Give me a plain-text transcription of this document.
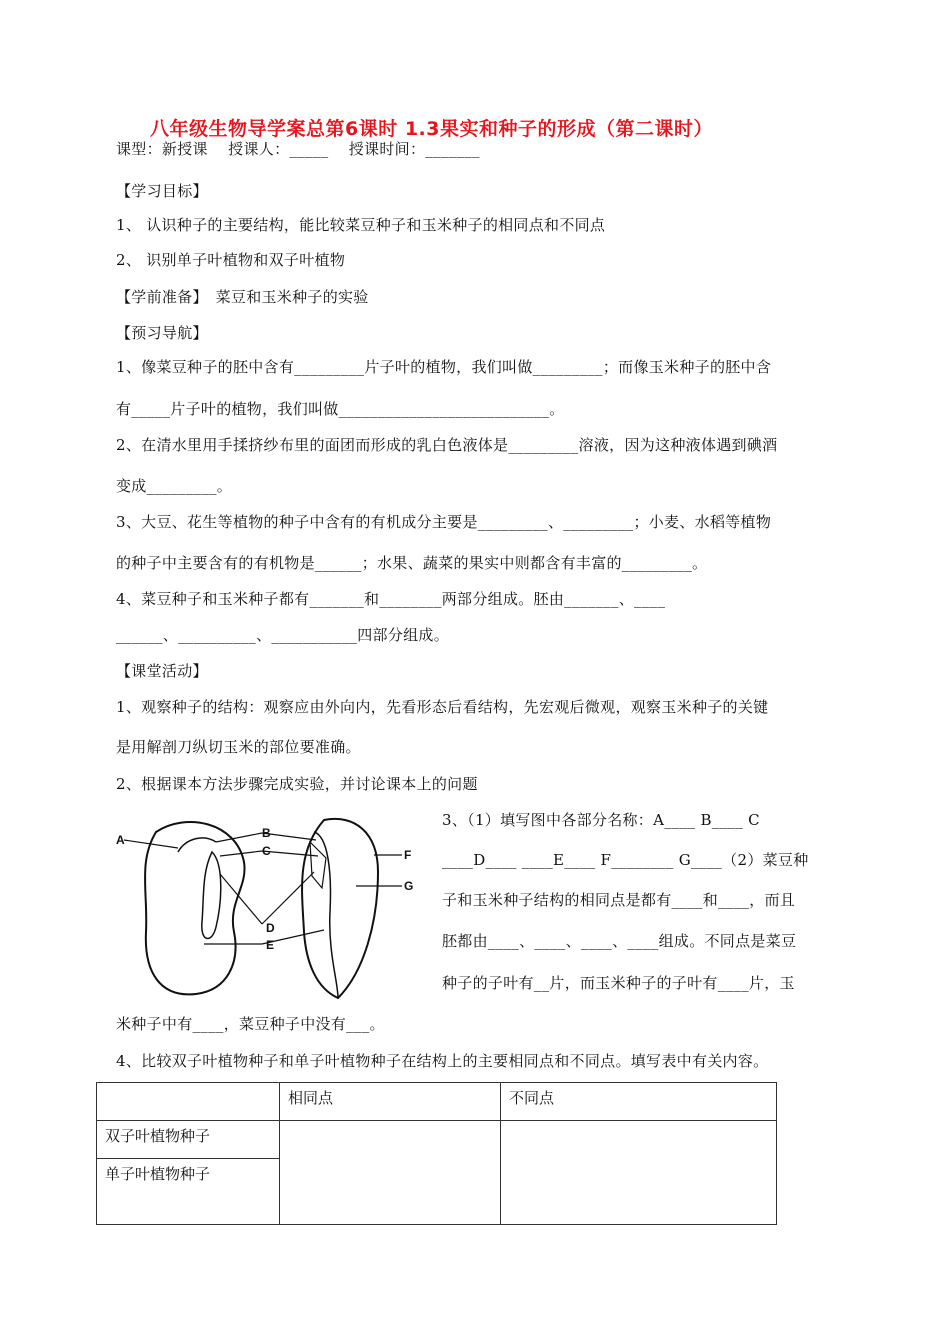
八年级生物导学案总第6课时 1.3果实和种子的形成（第二课时）
课型：新授课　 授课人：_____　 授课时间：_______
【学习目标】
1、 认识种子的主要结构，能比较菜豆种子和玉米种子的相同点和不同点
2、 识别单子叶植物和双子叶植物
【学前准备】　菜豆和玉米种子的实验
【预习导航】
1、像菜豆种子的胚中含有_________片子叶的植物，我们叫做_________；而像玉米种子的胚中含
有_____片子叶的植物，我们叫做___________________________。
2、在清水里用手揉挤纱布里的面团而形成的乳白色液体是_________溶液，因为这种液体遇到碘酒
变成_________。
3、大豆、花生等植物的种子中含有的有机成分主要是_________、_________；小麦、水稻等植物
的种子中主要含有的有机物是______；水果、蔬菜的果实中则都含有丰富的_________。
4、菜豆种子和玉米种子都有_______和________两部分组成。胚由_______、____
______、__________、___________四部分组成。
【课堂活动】
1、观察种子的结构：观察应由外向内，先看形态后看结构，先宏观后微观，观察玉米种子的关键
是用解剖刀纵切玉米的部位要准确。
2、根据课本方法步骤完成实验，并讨论课本上的问题
A	B
C
D
E
F
G
3、（1）填写图中各部分名称：A____ B____ C
____D____ ____E____ F________ G____（2）菜豆种
子和玉米种子结构的相同点是都有____和____，而且
胚都由____、____、____、____组成。不同点是菜豆
种子的子叶有__片，而玉米种子的子叶有____片，玉
米种子中有____，菜豆种子中没有___。
4、比较双子叶植物种子和单子叶植物种子在结构上的主要相同点和不同点。填写表中有关内容。
	相同点	不同点
双子叶植物种子		
单子叶植物种子		
